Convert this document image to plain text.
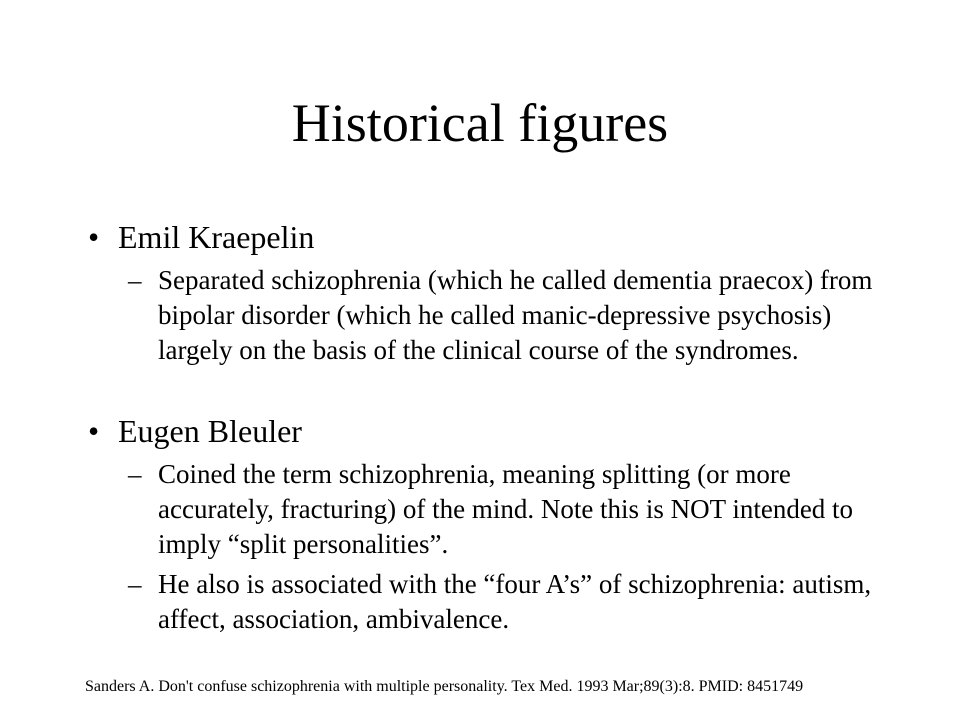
Historical figures
• Emil Kraepelin
– Separated schizophrenia (which he called dementia praecox) from bipolar disorder (which he called manic-depressive psychosis) largely on the basis of the clinical course of the syndromes.
• Eugen Bleuler
– Coined the term schizophrenia, meaning splitting (or more accurately, fracturing) of the mind. Note this is NOT intended to imply “split personalities”.
– He also is associated with the “four A’s” of schizophrenia: autism, affect, association, ambivalence.
Sanders A. Don't confuse schizophrenia with multiple personality. Tex Med. 1993 Mar;89(3):8. PMID: 8451749
